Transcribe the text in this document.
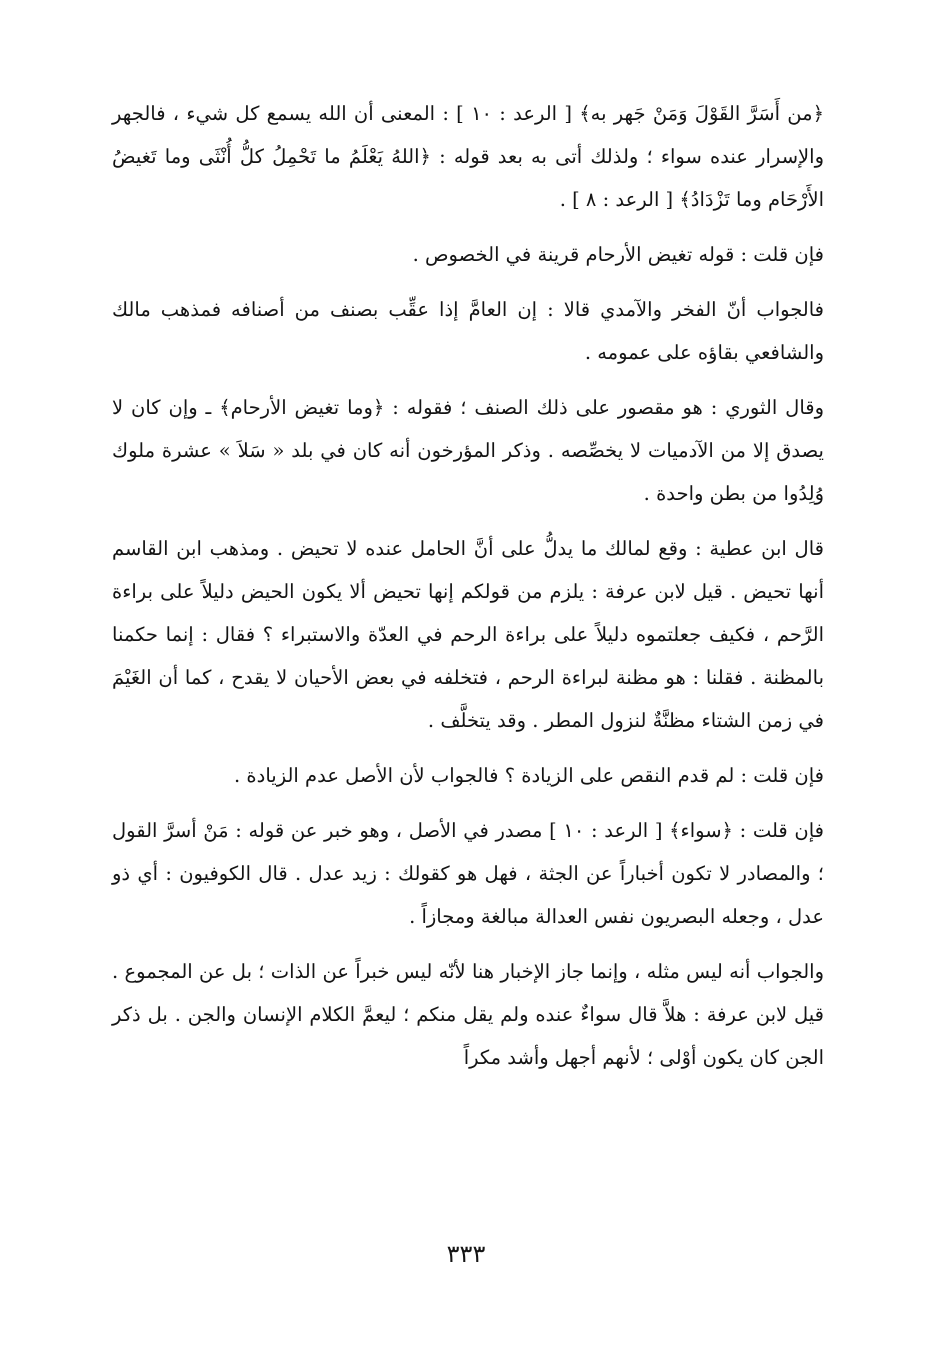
﴿من أَسَرَّ القَوْلَ وَمَنْ جَهر به﴾ [ الرعد : ١٠ ] : المعنى أن الله يسمع كل شيء ، فالجهر والإسرار عنده سواء ؛ ولذلك أتى به بعد قوله : ﴿اللهُ يَعْلَمُ ما تَحْمِلُ كلُّ أُنْثَى وما تَغيضُ الأَرْحَام وما تَزْدَادُ﴾ [ الرعد : ٨ ] .

فإن قلت : قوله تغيض الأرحام قرينة في الخصوص .

فالجواب أنّ الفخر والآمدي قالا : إن العامَّ إذا عقِّب بصنف من أصنافه فمذهب مالك والشافعي بقاؤه على عمومه .

وقال الثوري : هو مقصور على ذلك الصنف ؛ فقوله : ﴿وما تغيض الأرحام﴾ ـ وإن كان لا يصدق إلا من الآدميات لا يخصِّصه . وذكر المؤرخون أنه كان في بلد « سَلاَ » عشرة ملوك وُلِدُوا من بطن واحدة .

قال ابن عطية : وقع لمالك ما يدلُّ على أنَّ الحامل عنده لا تحيض . ومذهب ابن القاسم أنها تحيض . قيل لابن عرفة : يلزم من قولكم إنها تحيض ألا يكون الحيض دليلاً على براءة الرَّحم ، فكيف جعلتموه دليلاً على براءة الرحم في العدّة والاستبراء ؟ فقال : إنما حكمنا بالمظنة . فقلنا : هو مظنة لبراءة الرحم ، فتخلفه في بعض الأحيان لا يقدح ، كما أن الغَيْمَ في زمن الشتاء مظنَّةٌ لنزول المطر . وقد يتخلَّف .

فإن قلت : لم قدم النقص على الزيادة ؟ فالجواب لأن الأصل عدم الزيادة .

فإن قلت : ﴿سواء﴾ [ الرعد : ١٠ ] مصدر في الأصل ، وهو خبر عن قوله : مَنْ أسرَّ القول ؛ والمصادر لا تكون أخباراً عن الجثة ، فهل هو كقولك : زيد عدل . قال الكوفيون : أي ذو عدل ، وجعله البصريون نفس العدالة مبالغة ومجازاً .

والجواب أنه ليس مثله ، وإنما جاز الإخبار هنا لأنّه ليس خبراً عن الذات ؛ بل عن المجموع . قيل لابن عرفة : هلاَّ قال سواءٌ عنده ولم يقل منكم ؛ ليعمَّ الكلام الإنسان والجن . بل ذكر الجن كان يكون أوْلى ؛ لأنهم أجهل وأشد مكراً

٣٣٣
